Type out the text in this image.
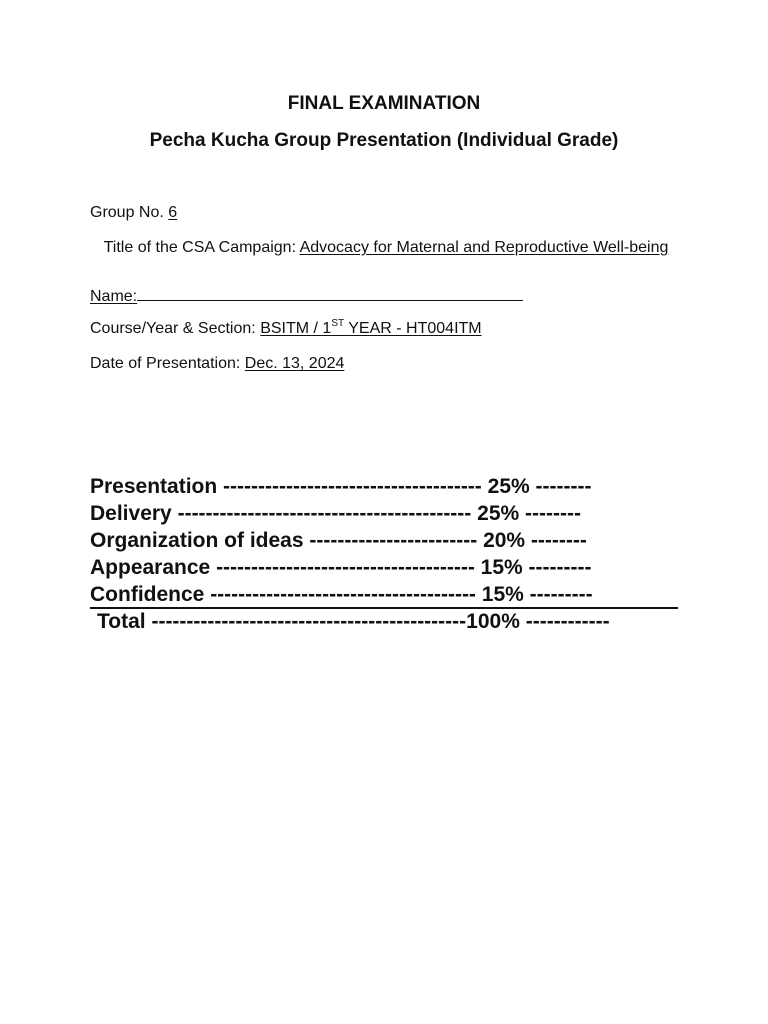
FINAL EXAMINATION
Pecha Kucha Group Presentation (Individual Grade)
Group No. 6
Title of the CSA Campaign: Advocacy for Maternal and Reproductive Well-being
Name:
Course/Year & Section: BSITM / 1ST YEAR - HT004ITM
Date of Presentation: Dec. 13, 2024
Presentation ------------------------------------- 25% --------
Delivery ------------------------------------------ 25% --------
Organization of ideas ------------------------ 20% --------
Appearance ------------------------------------- 15% ---------
Confidence -------------------------------------- 15% ---------
Total ---------------------------------------------100% ------------
